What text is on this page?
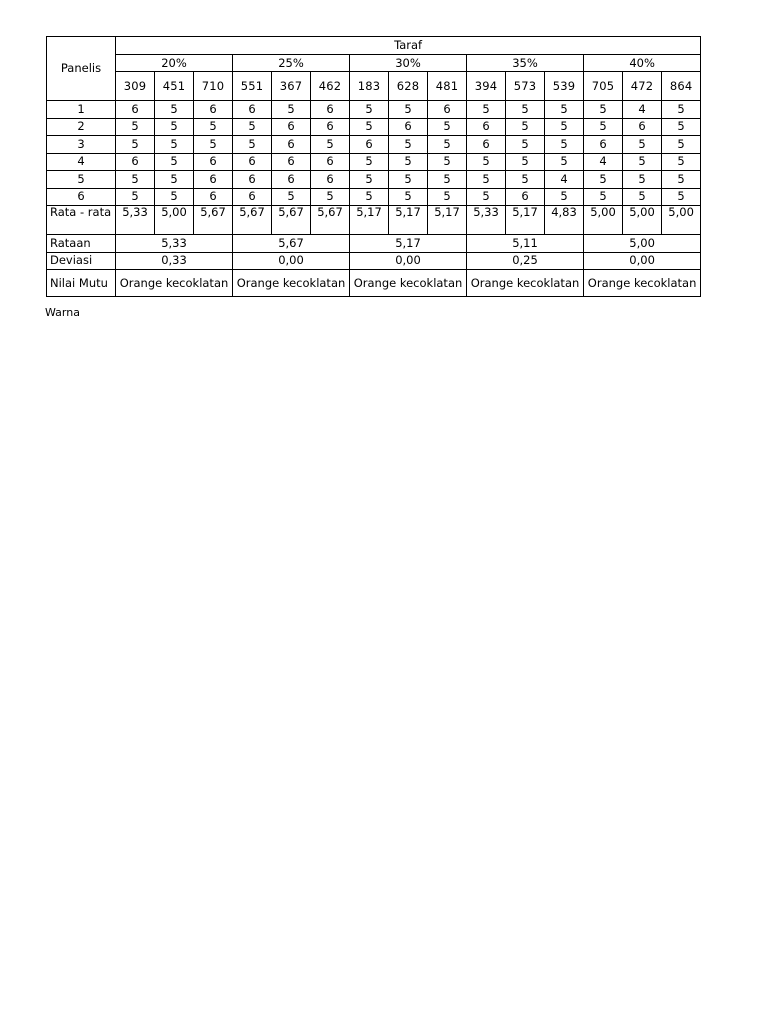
Panelis	Taraf														
	20%			25%			30%			35%			40%		
	309	451	710	551	367	462	183	628	481	394	573	539	705	472	864
1	6	5	6	6	5	6	5	5	6	5	5	5	5	4	5
2	5	5	5	5	6	6	5	6	5	6	5	5	5	6	5
3	5	5	5	5	6	5	6	5	5	6	5	5	6	5	5
4	6	5	6	6	6	6	5	5	5	5	5	5	4	5	5
5	5	5	6	6	6	6	5	5	5	5	5	4	5	5	5
6	5	5	6	6	5	5	5	5	5	5	6	5	5	5	5
Rata - rata	5,33	5,00	5,67	5,67	5,67	5,67	5,17	5,17	5,17	5,33	5,17	4,83	5,00	5,00	5,00
Rataan	5,33			5,67			5,17			5,11			5,00		
Deviasi	0,33			0,00			0,00			0,25			0,00		
Nilai Mutu	Orange kecoklatan			Orange kecoklatan			Orange kecoklatan			Orange kecoklatan			Orange kecoklatan		
Warna
